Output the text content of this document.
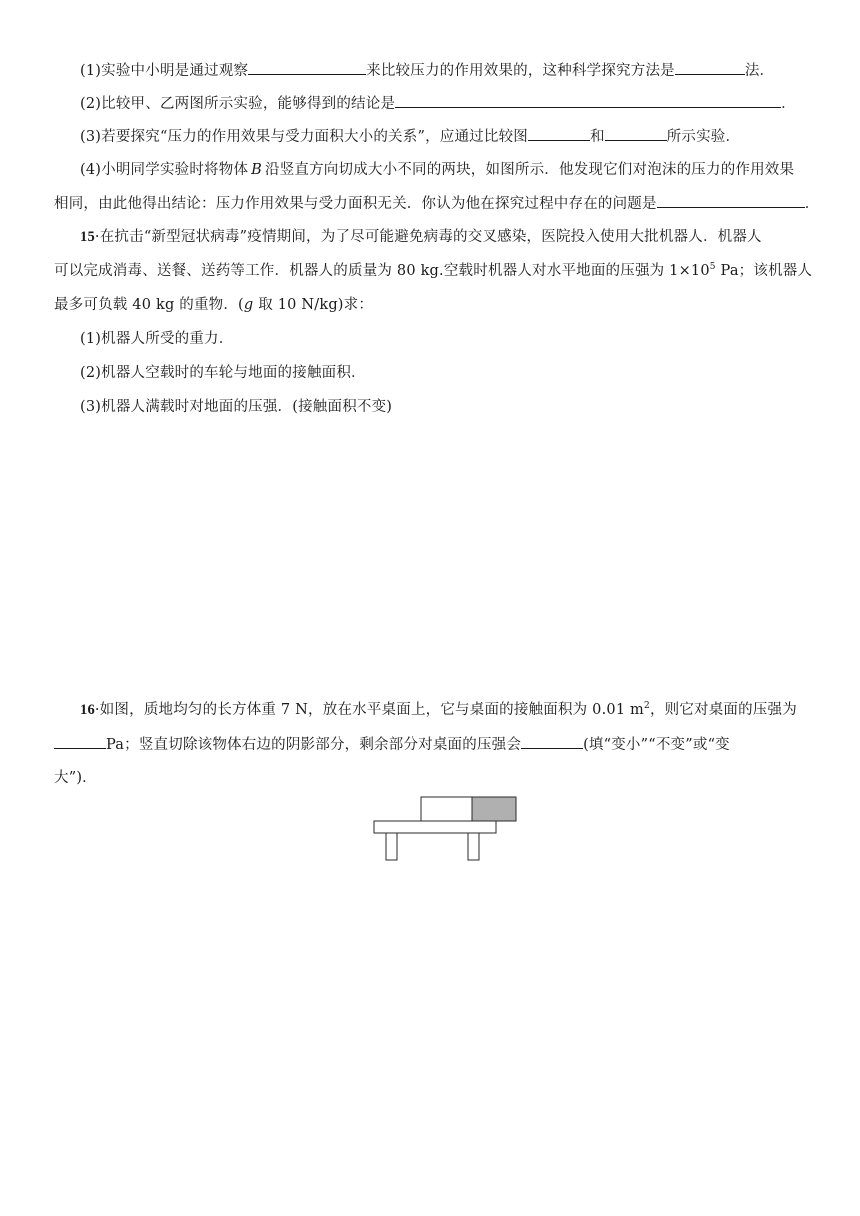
(1)实验中小明是通过观察	来比较压力的作用效果的，这种科学探究方法是	法．
(2)比较甲、乙两图所示实验，能够得到的结论是	．
(3)若要探究“压力的作用效果与受力面积大小的关系”，应通过比较图	和	所示实验．
(4)小明同学实验时将物体 B 沿竖直方向切成大小不同的两块，如图所示．他发现它们对泡沫的压力的作用效果
相同，由此他得出结论：压力作用效果与受力面积无关．你认为他在探究过程中存在的问题是	．
15·在抗击“新型冠状病毒”疫情期间，为了尽可能避免病毒的交叉感染，医院投入使用大批机器人．机器人
可以完成消毒、送餐、送药等工作．机器人的质量为 80 kg.空载时机器人对水平地面的压强为 $1\times 10^5$ Pa；该机器人
最多可负载 40 kg 的重物．(g 取 10 N/kg)求：
(1)机器人所受的重力．
(2)机器人空载时的车轮与地面的接触面积．
(3)机器人满载时对地面的压强．(接触面积不变)
16·如图，质地均匀的长方体重 7 N，放在水平桌面上，它与桌面的接触面积为 0.01 $m^2$，则它对桌面的压强为
Pa；竖直切除该物体右边的阴影部分，剩余部分对桌面的压强会	(填“变小”“不变”或“变
大”)．
